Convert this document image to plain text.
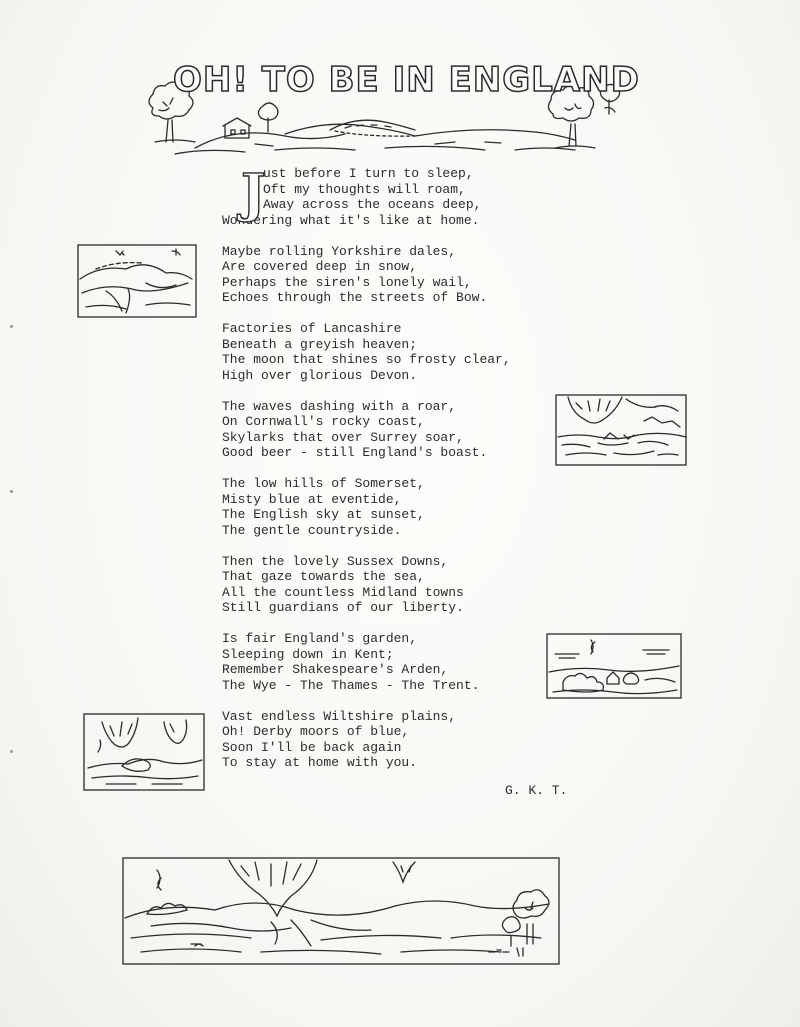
OH! TO BE IN ENGLAND
J
ust before I turn to sleep,
Oft my thoughts will roam,
Away across the oceans deep,
Wondering what it's like at home.
Maybe rolling Yorkshire dales,
Are covered deep in snow,
Perhaps the siren's lonely wail,
Echoes through the streets of Bow.
Factories of Lancashire
Beneath a greyish heaven;
The moon that shines so frosty clear,
High over glorious Devon.
The waves dashing with a roar,
On Cornwall's rocky coast,
Skylarks that over Surrey soar,
Good beer - still England's boast.
The low hills of Somerset,
Misty blue at eventide,
The English sky at sunset,
The gentle countryside.
Then the lovely Sussex Downs,
That gaze towards the sea,
All the countless Midland towns
Still guardians of our liberty.
Is fair England's garden,
Sleeping down in Kent;
Remember Shakespeare's Arden,
The Wye - The Thames - The Trent.
Vast endless Wiltshire plains,
Oh! Derby moors of blue,
Soon I'll be back again
To stay at home with you.
G. K. T.
